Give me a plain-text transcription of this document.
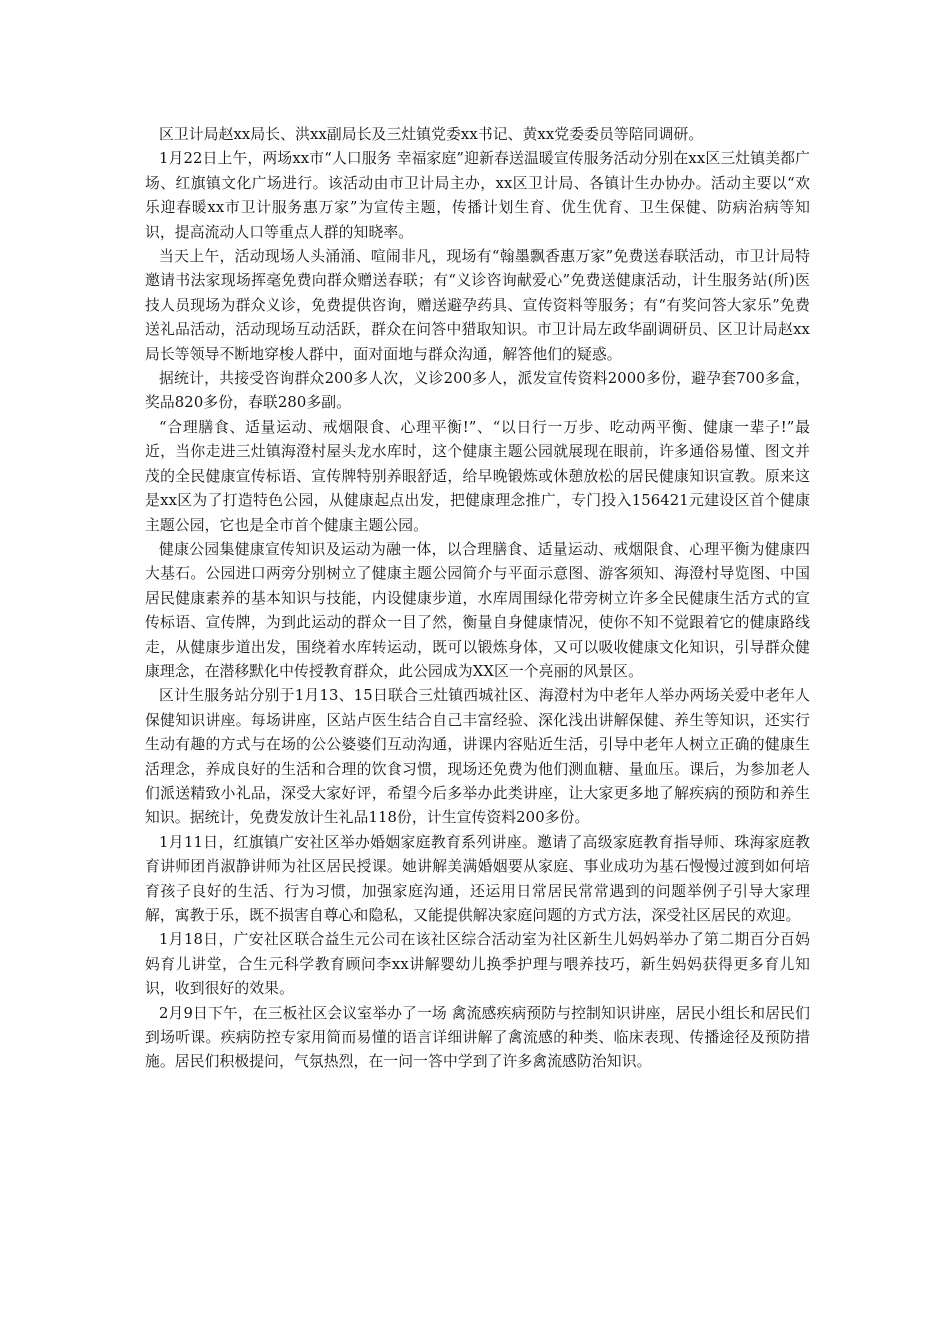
区卫计局赵xx局长、洪xx副局长及三灶镇党委xx书记、黄xx党委委员等陪同调研。

1月22日上午，两场xx市“人口服务 幸福家庭”迎新春送温暖宣传服务活动分别在xx区三灶镇美都广场、红旗镇文化广场进行。该活动由市卫计局主办，xx区卫计局、各镇计生办协办。活动主要以“欢乐迎春暖xx市卫计服务惠万家”为宣传主题，传播计划生育、优生优育、卫生保健、防病治病等知识，提高流动人口等重点人群的知晓率。

当天上午，活动现场人头涌涌、喧闹非凡，现场有“翰墨飘香惠万家”免费送春联活动，市卫计局特邀请书法家现场挥毫免费向群众赠送春联；有“义诊咨询献爱心”免费送健康活动，计生服务站(所)医技人员现场为群众义诊，免费提供咨询，赠送避孕药具、宣传资料等服务；有“有奖问答大家乐”免费送礼品活动，活动现场互动活跃，群众在问答中猎取知识。市卫计局左政华副调研员、区卫计局赵xx局长等领导不断地穿梭人群中，面对面地与群众沟通，解答他们的疑惑。

据统计，共接受咨询群众200多人次，义诊200多人，派发宣传资料2000多份，避孕套700多盒，奖品820多份，春联280多副。

“合理膳食、适量运动、戒烟限食、心理平衡!”、“以日行一万步、吃动两平衡、健康一辈子!”最近，当你走进三灶镇海澄村屋头龙水库时，这个健康主题公园就展现在眼前，许多通俗易懂、图文并茂的全民健康宣传标语、宣传牌特别养眼舒适，给早晚锻炼或休憩放松的居民健康知识宣教。原来这是xx区为了打造特色公园，从健康起点出发，把健康理念推广，专门投入156421元建设区首个健康主题公园，它也是全市首个健康主题公园。

健康公园集健康宣传知识及运动为融一体，以合理膳食、适量运动、戒烟限食、心理平衡为健康四大基石。公园进口两旁分别树立了健康主题公园简介与平面示意图、游客须知、海澄村导览图、中国居民健康素养的基本知识与技能，内设健康步道，水库周围绿化带旁树立许多全民健康生活方式的宣传标语、宣传牌，为到此运动的群众一目了然，衡量自身健康情况，使你不知不觉跟着它的健康路线走，从健康步道出发，围绕着水库转运动，既可以锻炼身体，又可以吸收健康文化知识，引导群众健康理念，在潜移默化中传授教育群众，此公园成为XX区一个亮丽的风景区。

区计生服务站分别于1月13、15日联合三灶镇西城社区、海澄村为中老年人举办两场关爱中老年人保健知识讲座。每场讲座，区站卢医生结合自己丰富经验、深化浅出讲解保健、养生等知识，还实行生动有趣的方式与在场的公公婆婆们互动沟通，讲课内容贴近生活，引导中老年人树立正确的健康生活理念，养成良好的生活和合理的饮食习惯，现场还免费为他们测血糖、量血压。课后，为参加老人们派送精致小礼品，深受大家好评，希望今后多举办此类讲座，让大家更多地了解疾病的预防和养生知识。据统计，免费发放计生礼品118份，计生宣传资料200多份。

1月11日，红旗镇广安社区举办婚姻家庭教育系列讲座。邀请了高级家庭教育指导师、珠海家庭教育讲师团肖淑静讲师为社区居民授课。她讲解美满婚姻要从家庭、事业成功为基石慢慢过渡到如何培育孩子良好的生活、行为习惯，加强家庭沟通，还运用日常居民常常遇到的问题举例子引导大家理解，寓教于乐，既不损害自尊心和隐私，又能提供解决家庭问题的方式方法，深受社区居民的欢迎。

1月18日，广安社区联合益生元公司在该社区综合活动室为社区新生儿妈妈举办了第二期百分百妈妈育儿讲堂，合生元科学教育顾问李xx讲解婴幼儿换季护理与喂养技巧，新生妈妈获得更多育儿知识，收到很好的效果。

2月9日下午，在三板社区会议室举办了一场 禽流感疾病预防与控制知识讲座，居民小组长和居民们到场听课。疾病防控专家用简而易懂的语言详细讲解了禽流感的种类、临床表现、传播途径及预防措施。居民们积极提问，气氛热烈，在一问一答中学到了许多禽流感防治知识。
